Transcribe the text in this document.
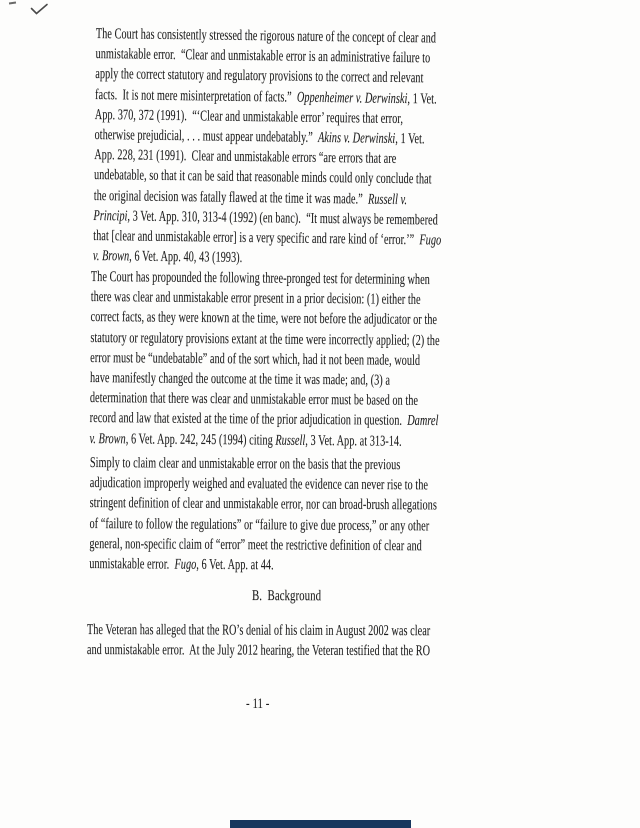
The Court has consistently stressed the rigorous nature of the concept of clear and
unmistakable error.  “Clear and unmistakable error is an administrative failure to
apply the correct statutory and regulatory provisions to the correct and relevant
facts.  It is not mere misinterpretation of facts.”  Oppenheimer v. Derwinski, 1 Vet.
App. 370, 372 (1991).  “‘Clear and unmistakable error’ requires that error,
otherwise prejudicial, . . . must appear undebatably.”  Akins v. Derwinski, 1 Vet.
App. 228, 231 (1991).  Clear and unmistakable errors “are errors that are
undebatable, so that it can be said that reasonable minds could only conclude that
the original decision was fatally flawed at the time it was made.”  Russell v.
Principi, 3 Vet. App. 310, 313-4 (1992) (en banc).  “It must always be remembered
that [clear and unmistakable error] is a very specific and rare kind of ‘error.’”  Fugo
v. Brown, 6 Vet. App. 40, 43 (1993).
The Court has propounded the following three-pronged test for determining when
there was clear and unmistakable error present in a prior decision: (1) either the
correct facts, as they were known at the time, were not before the adjudicator or the
statutory or regulatory provisions extant at the time were incorrectly applied; (2) the
error must be “undebatable” and of the sort which, had it not been made, would
have manifestly changed the outcome at the time it was made; and, (3) a
determination that there was clear and unmistakable error must be based on the
record and law that existed at the time of the prior adjudication in question.  Damrel
v. Brown, 6 Vet. App. 242, 245 (1994) citing Russell, 3 Vet. App. at 313-14.
Simply to claim clear and unmistakable error on the basis that the previous
adjudication improperly weighed and evaluated the evidence can never rise to the
stringent definition of clear and unmistakable error, nor can broad-brush allegations
of “failure to follow the regulations” or “failure to give due process,” or any other
general, non-specific claim of “error” meet the restrictive definition of clear and
unmistakable error.  Fugo, 6 Vet. App. at 44.
B.  Background
The Veteran has alleged that the RO’s denial of his claim in August 2002 was clear
and unmistakable error.  At the July 2012 hearing, the Veteran testified that the RO
- 11 -
